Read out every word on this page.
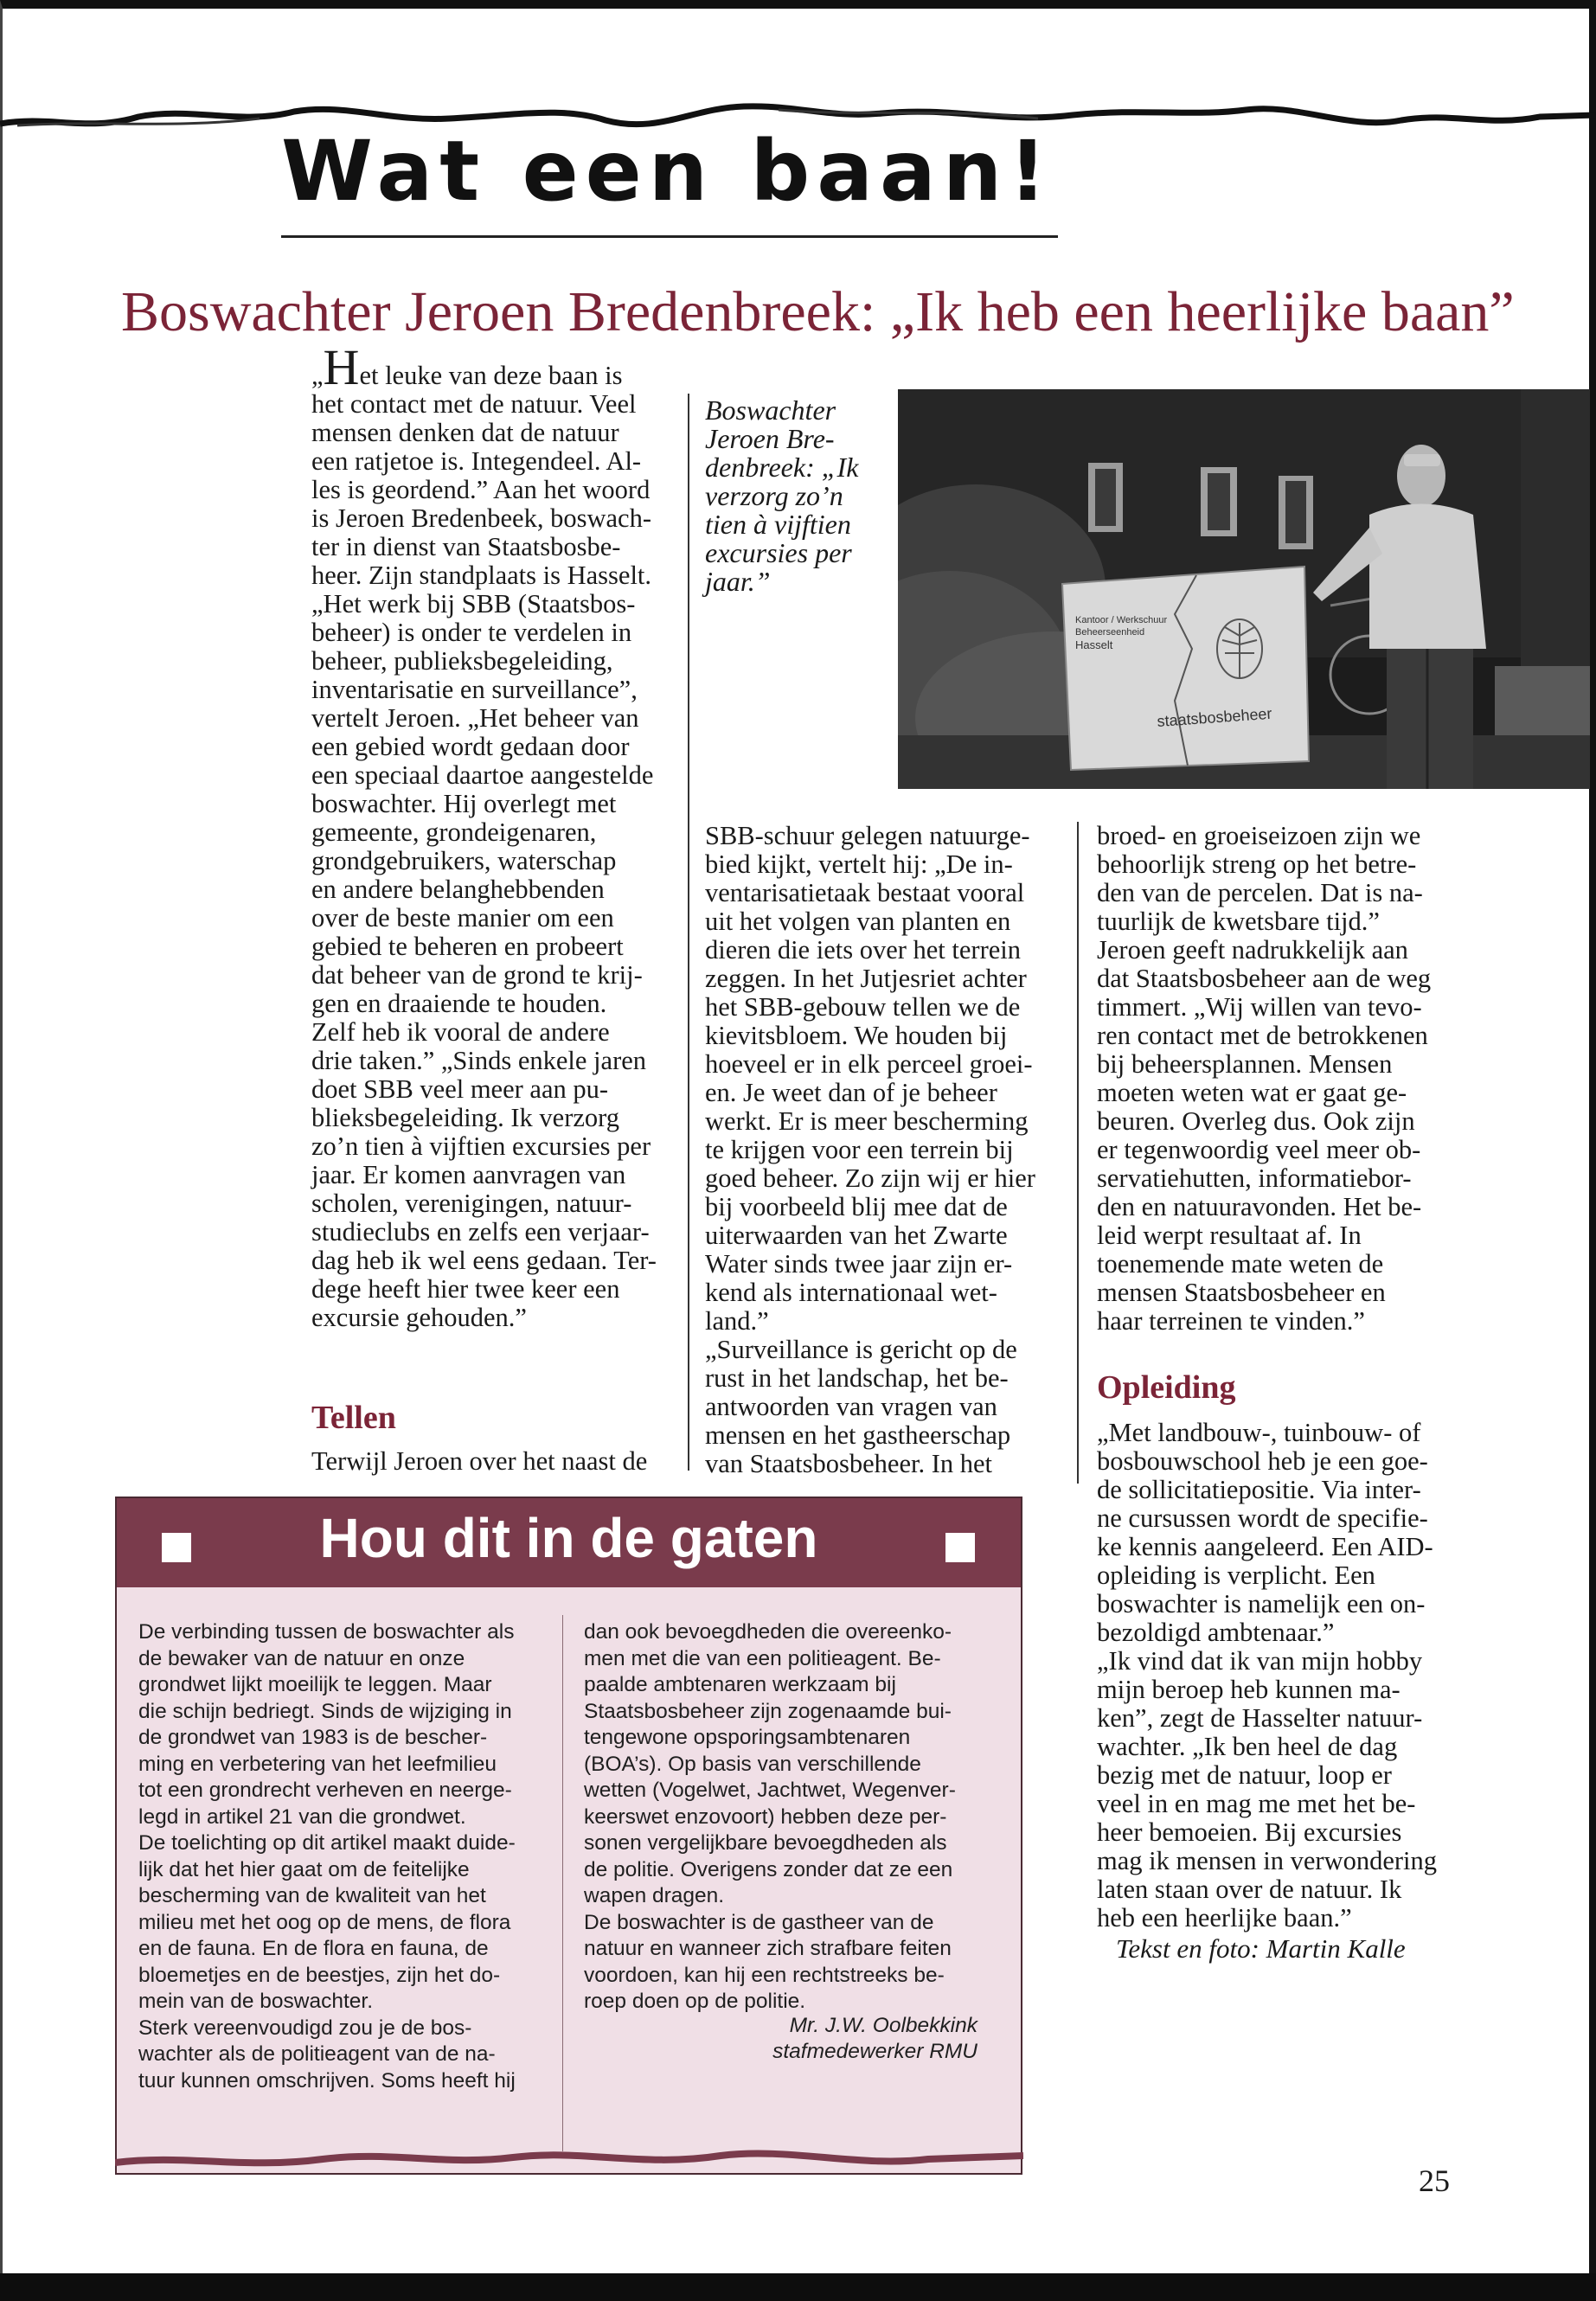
Wat een baan!
Boswachter Jeroen Bredenbreek: „Ik heb een heerlijke baan”

„Het leuke van deze baan is
het contact met de natuur. Veel
mensen denken dat de natuur
een ratjetoe is. Integendeel. Al-
les is geordend.” Aan het woord
is Jeroen Bredenbeek, boswach-
ter in dienst van Staatsbosbe-
heer. Zijn standplaats is Hasselt.
„Het werk bij SBB (Staatsbos-
beheer) is onder te verdelen in
beheer, publieksbegeleiding,
inventarisatie en surveillance”,
vertelt Jeroen. „Het beheer van
een gebied wordt gedaan door
een speciaal daartoe aangestelde
boswachter. Hij overlegt met
gemeente, grondeigenaren,
grondgebruikers, waterschap
en andere belanghebbenden
over de beste manier om een
gebied te beheren en probeert
dat beheer van de grond te krij-
gen en draaiende te houden.
Zelf heb ik vooral de andere
drie taken.” „Sinds enkele jaren
doet SBB veel meer aan pu-
blieksbegeleiding. Ik verzorg
zo’n tien à vijftien excursies per
jaar. Er komen aanvragen van
scholen, verenigingen, natuur-
studieclubs en zelfs een verjaar-
dag heb ik wel eens gedaan. Ter-
dege heeft hier twee keer een
excursie gehouden.”

Tellen
Terwijl Jeroen over het naast de
Boswachter
Jeroen Bre-
denbreek: „Ik
verzorg zo’n
tien à vijftien
excursies per
jaar.”
Kantoor / Werkschuur
Beheerseenheid
Hasselt
staatsbosbeheer
SBB-schuur gelegen natuurge-
bied kijkt, vertelt hij: „De in-
ventarisatietaak bestaat vooral
uit het volgen van planten en
dieren die iets over het terrein
zeggen. In het Jutjesriet achter
het SBB-gebouw tellen we de
kievitsbloem. We houden bij
hoeveel er in elk perceel groei-
en. Je weet dan of je beheer
werkt. Er is meer bescherming
te krijgen voor een terrein bij
goed beheer. Zo zijn wij er hier
bij voorbeeld blij mee dat de
uiterwaarden van het Zwarte
Water sinds twee jaar zijn er-
kend als internationaal wet-
land.”
„Surveillance is gericht op de
rust in het landschap, het be-
antwoorden van vragen van
mensen en het gastheerschap
van Staatsbosbeheer. In het
broed- en groeiseizoen zijn we
behoorlijk streng op het betre-
den van de percelen. Dat is na-
tuurlijk de kwetsbare tijd.”
Jeroen geeft nadrukkelijk aan
dat Staatsbosbeheer aan de weg
timmert. „Wij willen van tevo-
ren contact met de betrokkenen
bij beheersplannen. Mensen
moeten weten wat er gaat ge-
beuren. Overleg dus. Ook zijn
er tegenwoordig veel meer ob-
servatiehutten, informatiebor-
den en natuuravonden. Het be-
leid werpt resultaat af. In
toenemende mate weten de
mensen Staatsbosbeheer en
haar terreinen te vinden.”
Opleiding
„Met landbouw-, tuinbouw- of
bosbouwschool heb je een goe-
de sollicitatiepositie. Via inter-
ne cursussen wordt de specifie-
ke kennis aangeleerd. Een AID-
opleiding is verplicht. Een
boswachter is namelijk een on-
bezoldigd ambtenaar.”
„Ik vind dat ik van mijn hobby
mijn beroep heb kunnen ma-
ken”, zegt de Hasselter natuur-
wachter. „Ik ben heel de dag
bezig met de natuur, loop er
veel in en mag me met het be-
heer bemoeien. Bij excursies
mag ik mensen in verwondering
laten staan over de natuur. Ik
heb een heerlijke baan.”
Tekst en foto: Martin Kalle
Hou dit in de gaten
De verbinding tussen de boswachter als
de bewaker van de natuur en onze
grondwet lijkt moeilijk te leggen. Maar
die schijn bedriegt. Sinds de wijziging in
de grondwet van 1983 is de bescher-
ming en verbetering van het leefmilieu
tot een grondrecht verheven en neerge-
legd in artikel 21 van die grondwet.
De toelichting op dit artikel maakt duide-
lijk dat het hier gaat om de feitelijke
bescherming van de kwaliteit van het
milieu met het oog op de mens, de flora
en de fauna. En de flora en fauna, de
bloemetjes en de beestjes, zijn het do-
mein van de boswachter.
Sterk vereenvoudigd zou je de bos-
wachter als de politieagent van de na-
tuur kunnen omschrijven. Soms heeft hij
dan ook bevoegdheden die overeenko-
men met die van een politieagent. Be-
paalde ambtenaren werkzaam bij
Staatsbosbeheer zijn zogenaamde bui-
tengewone opsporingsambtenaren
(BOA’s). Op basis van verschillende
wetten (Vogelwet, Jachtwet, Wegenver-
keerswet enzovoort) hebben deze per-
sonen vergelijkbare bevoegdheden als
de politie. Overigens zonder dat ze een
wapen dragen.
De boswachter is de gastheer van de
natuur en wanneer zich strafbare feiten
voordoen, kan hij een rechtstreeks be-
roep doen op de politie.
Mr. J.W. Oolbekkink
stafmedewerker RMU
25
